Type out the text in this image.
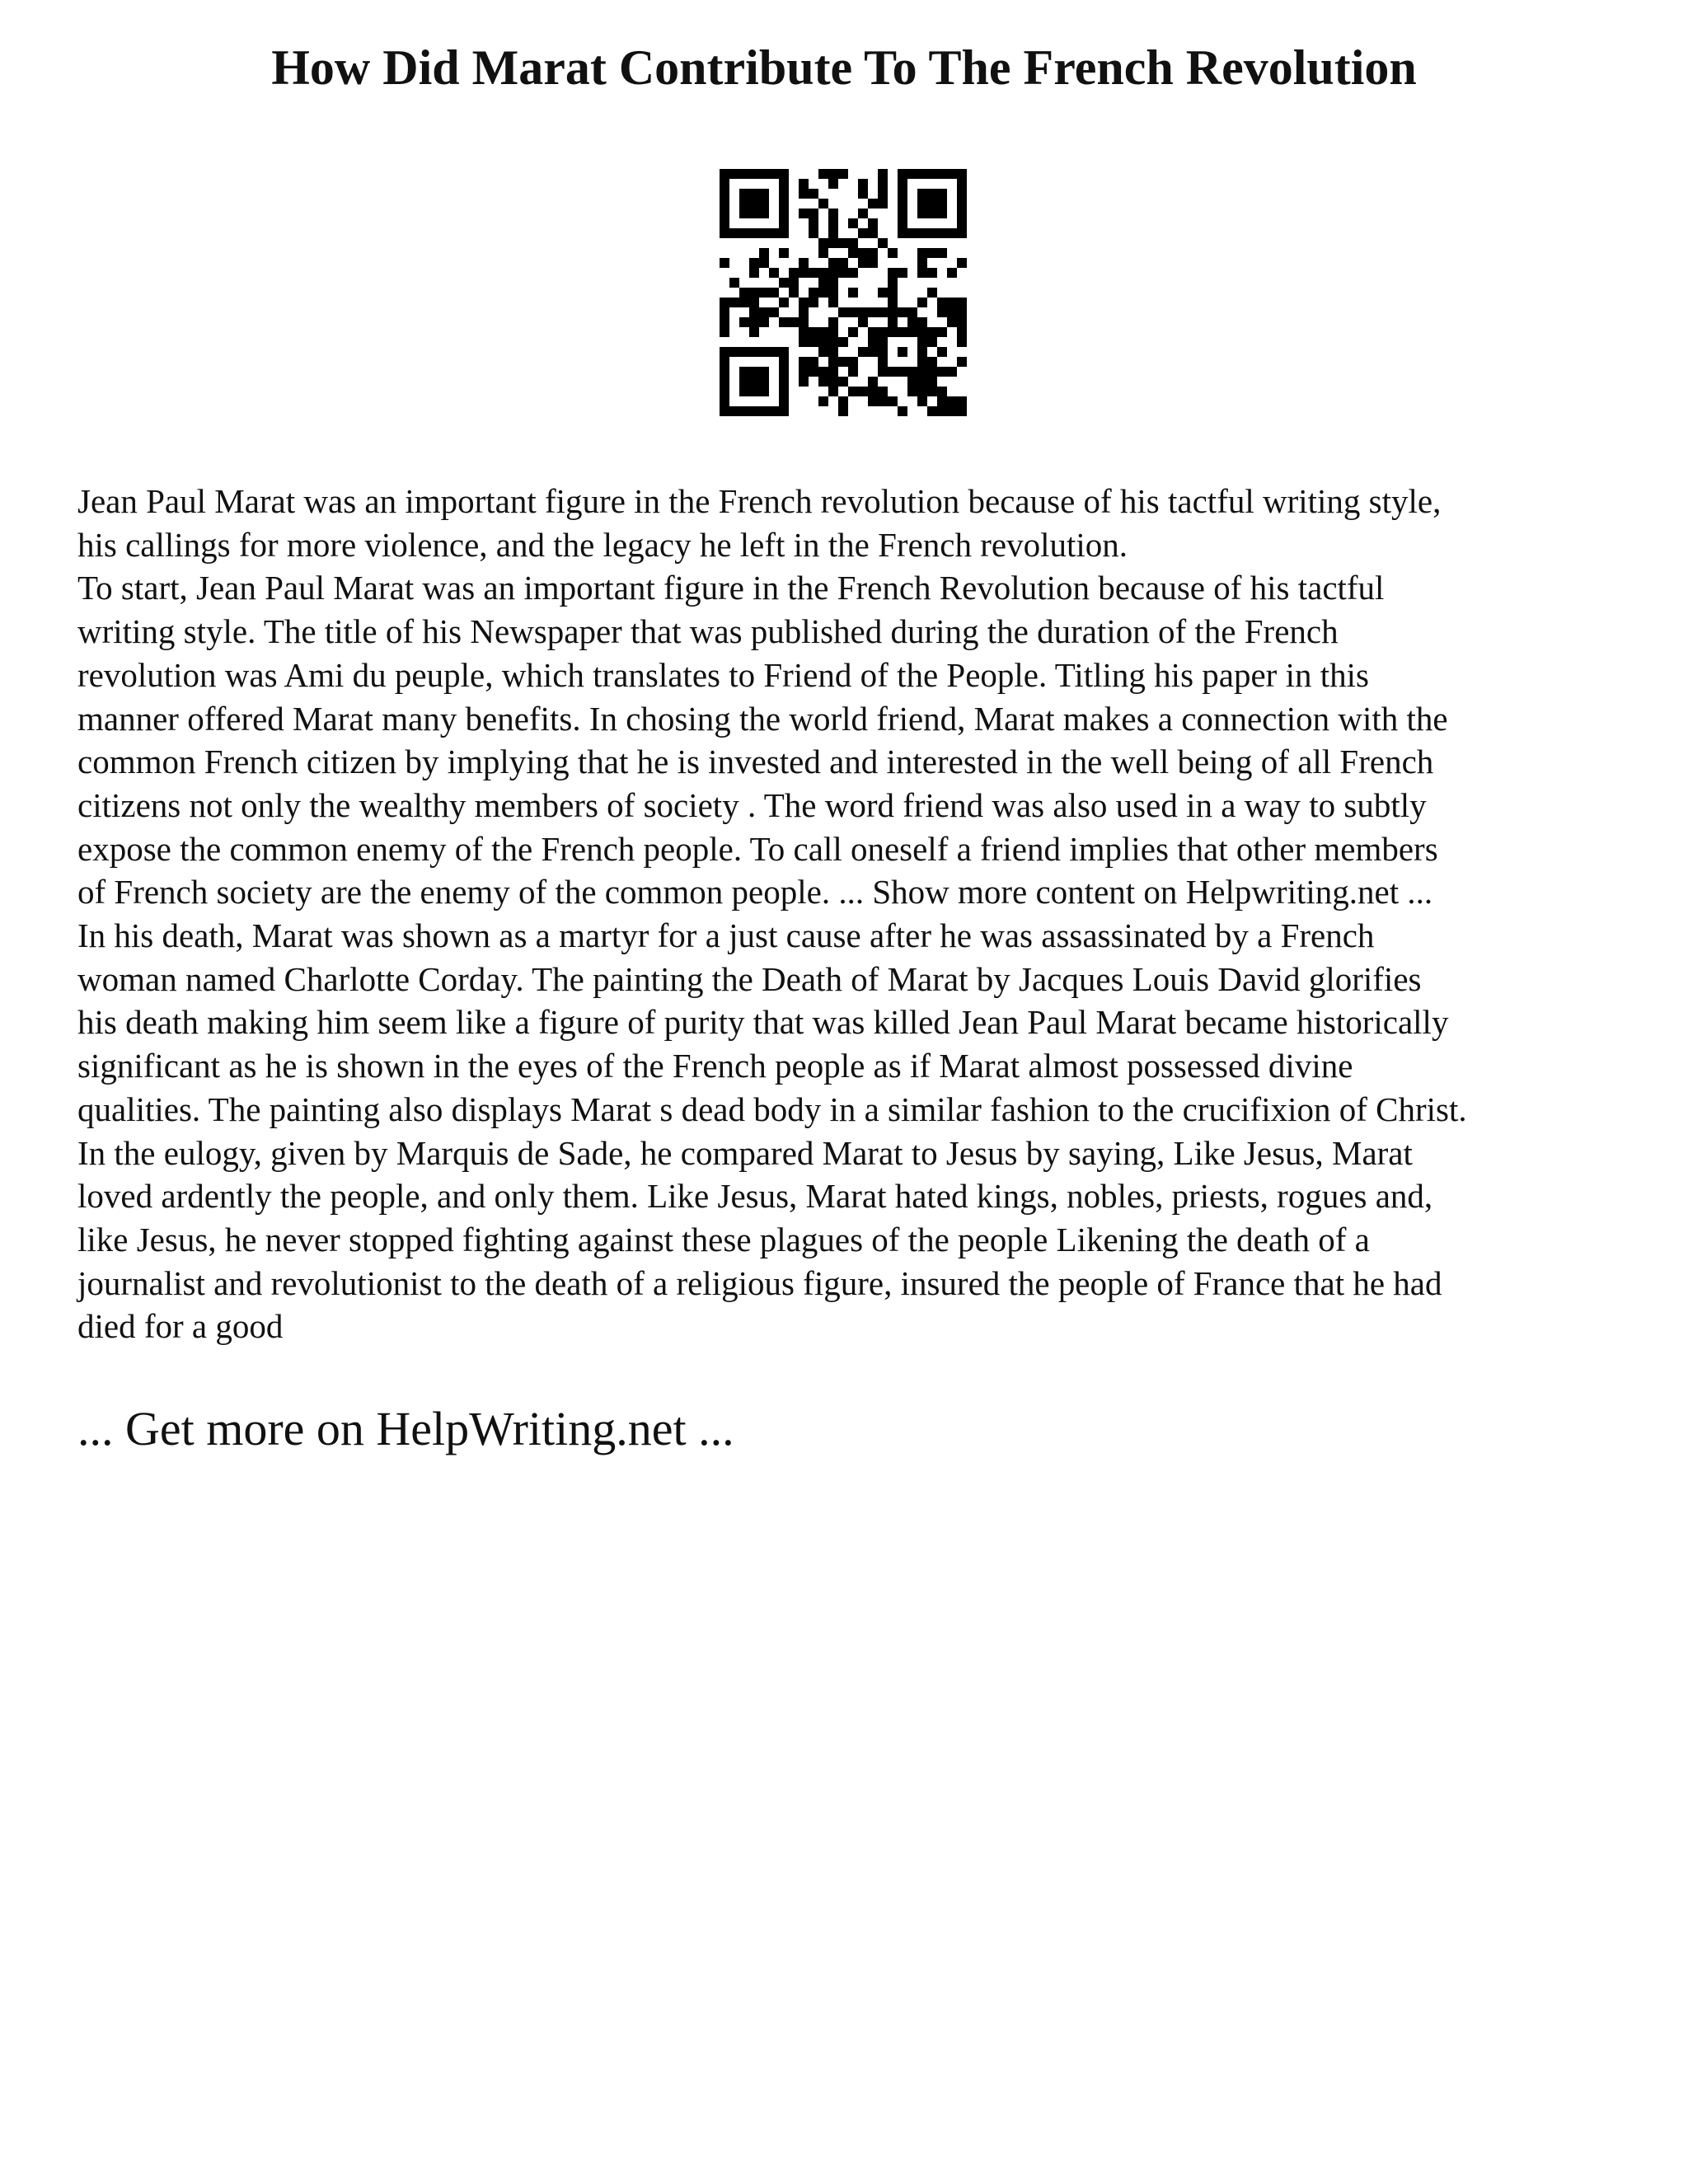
How Did Marat Contribute To The French Revolution

Jean Paul Marat was an important figure in the French revolution because of his tactful writing style,
his callings for more violence, and the legacy he left in the French revolution.
To start, Jean Paul Marat was an important figure in the French Revolution because of his tactful
writing style. The title of his Newspaper that was published during the duration of the French
revolution was Ami du peuple, which translates to Friend of the People. Titling his paper in this
manner offered Marat many benefits. In chosing the world friend, Marat makes a connection with the
common French citizen by implying that he is invested and interested in the well being of all French
citizens not only the wealthy members of society . The word friend was also used in a way to subtly
expose the common enemy of the French people. To call oneself a friend implies that other members
of French society are the enemy of the common people. ... Show more content on Helpwriting.net ...
In his death, Marat was shown as a martyr for a just cause after he was assassinated by a French
woman named Charlotte Corday. The painting the Death of Marat by Jacques Louis David glorifies
his death making him seem like a figure of purity that was killed Jean Paul Marat became historically
significant as he is shown in the eyes of the French people as if Marat almost possessed divine
qualities. The painting also displays Marat s dead body in a similar fashion to the crucifixion of Christ.
In the eulogy, given by Marquis de Sade, he compared Marat to Jesus by saying, Like Jesus, Marat
loved ardently the people, and only them. Like Jesus, Marat hated kings, nobles, priests, rogues and,
like Jesus, he never stopped fighting against these plagues of the people Likening the death of a
journalist and revolutionist to the death of a religious figure, insured the people of France that he had
died for a good

... Get more on HelpWriting.net ...
